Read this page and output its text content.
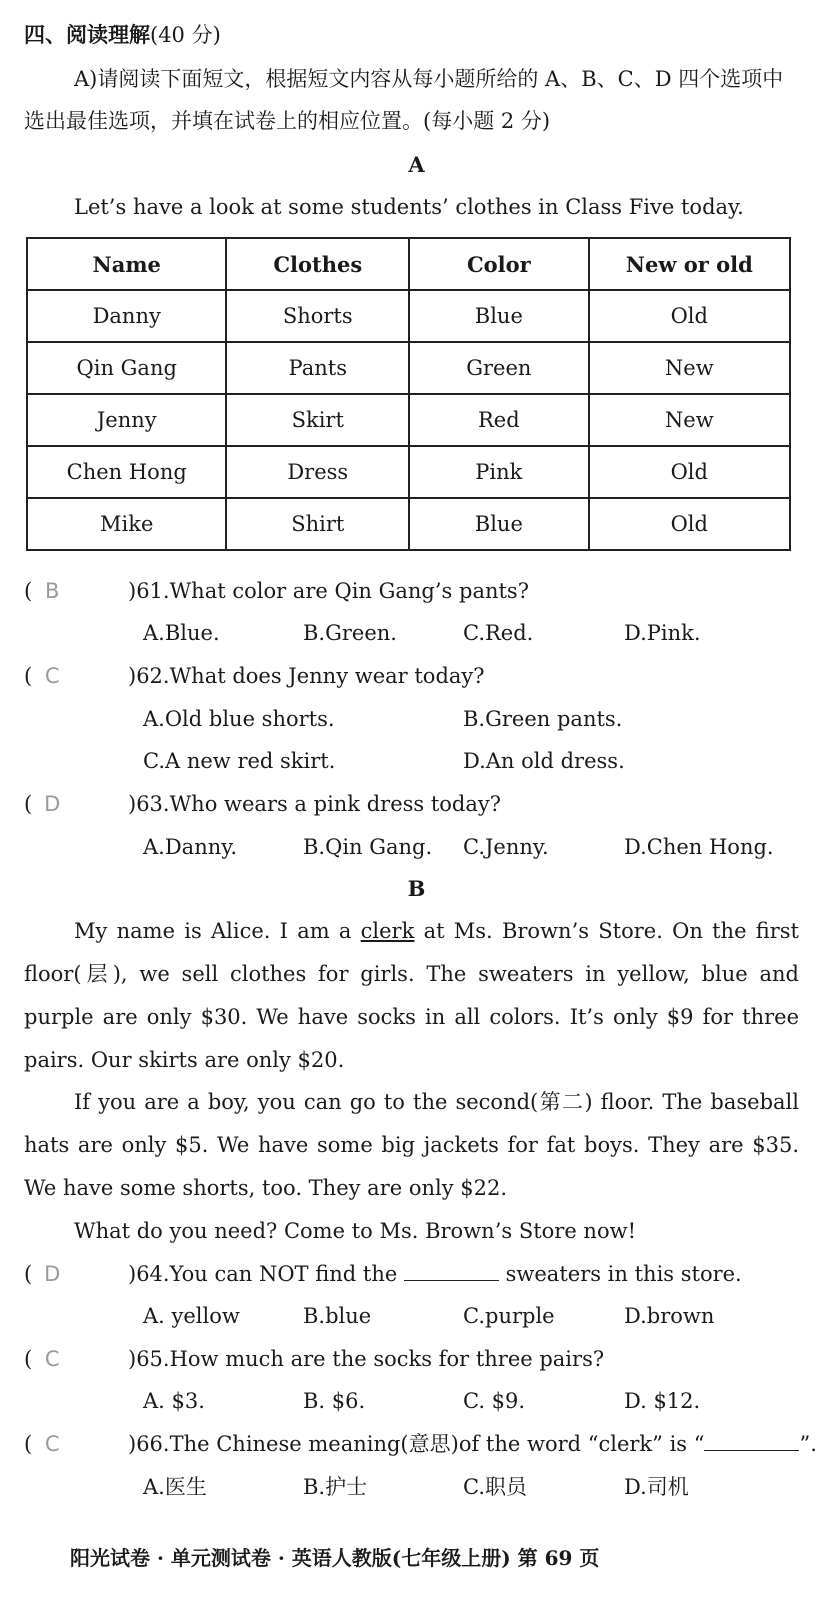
四、阅读理解(40 分)
A)请阅读下面短文，根据短文内容从每小题所给的 A、B、C、D 四个选项中选出最佳选项，并填在试卷上的相应位置。(每小题 2 分)
A
Let’s have a look at some students’ clothes in Class Five today.
Name	Clothes	Color	New or old
Danny	Shorts	Blue	Old
Qin Gang	Pants	Green	New
Jenny	Skirt	Red	New
Chen Hong	Dress	Pink	Old
Mike	Shirt	Blue	Old
( B	)61.What color are Qin Gang’s pants?
A.Blue.	B.Green.	C.Red.	D.Pink.
( C	)62.What does Jenny wear today?
A.Old blue shorts.	B.Green pants.
C.A new red skirt.	D.An old dress.
( D	)63.Who wears a pink dress today?
A.Danny.	B.Qin Gang. C.Jenny.	D.Chen Hong.
B
My name is Alice. I am a clerk at Ms. Brown’s Store. On the first floor(层), we sell clothes for girls. The sweaters in yellow, blue and purple are only $30. We have socks in all colors. It’s only $9 for three pairs. Our skirts are only $20.
If you are a boy, you can go to the second(第二) floor. The baseball hats are only $5. We have some big jackets for fat boys. They are $35. We have some shorts, too. They are only $22.
What do you need? Come to Ms. Brown’s Store now!
( D	)64.You can NOT find the	sweaters in this store.
A. yellow	B.blue	C.purple	D.brown
( C	)65.How much are the socks for three pairs?
A. $3.	B. $6.	C. $9.	D. $12.
( C	)66.The Chinese meaning(意思)of the word “clerk” is “	”.
A.医生	B.护士	C.职员	D.司机
阳光试卷 · 单元测试卷 · 英语人教版(七年级上册) 第 69 页
